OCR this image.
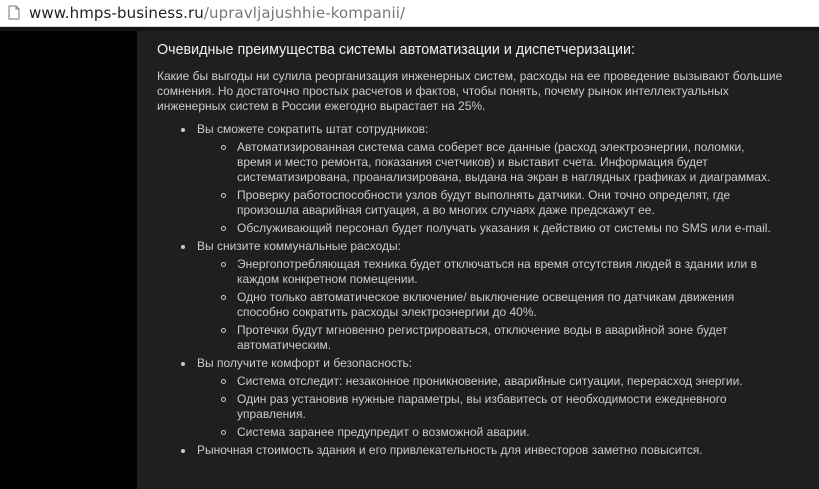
www.hmps-business.ru/upravljajushhie-kompanii/
Очевидные преимущества системы автоматизации и диспетчеризации:

Какие бы выгоды ни сулила реорганизация инженерных систем, расходы на ее проведение вызывают большие сомнения. Но достаточно простых расчетов и фактов, чтобы понять, почему рынок интеллектуальных инженерных систем в России ежегодно вырастает на 25%.

Вы сможете сократить штат сотрудников:
Автоматизированная система сама соберет все данные (расход электроэнергии, поломки, время и место ремонта, показания счетчиков) и выставит счета. Информация будет систематизирована, проанализирована, выдана на экран в наглядных графиках и диаграммах.
Проверку работоспособности узлов будут выполнять датчики. Они точно определят, где произошла аварийная ситуация, а во многих случаях даже предскажут ее.
Обслуживающий персонал будет получать указания к действию от системы по SMS или e-mail.
Вы снизите коммунальные расходы:
Энергопотребляющая техника будет отключаться на время отсутствия людей в здании или в каждом конкретном помещении.
Одно только автоматическое включение/ выключение освещения по датчикам движения способно сократить расходы электроэнергии до 40%.
Протечки будут мгновенно регистрироваться, отключение воды в аварийной зоне будет автоматическим.
Вы получите комфорт и безопасность:
Система отследит: незаконное проникновение, аварийные ситуации, перерасход энергии.
Один раз установив нужные параметры, вы избавитесь от необходимости ежедневного управления.
Система заранее предупредит о возможной аварии.
Рыночная стоимость здания и его привлекательность для инвесторов заметно повысится.
